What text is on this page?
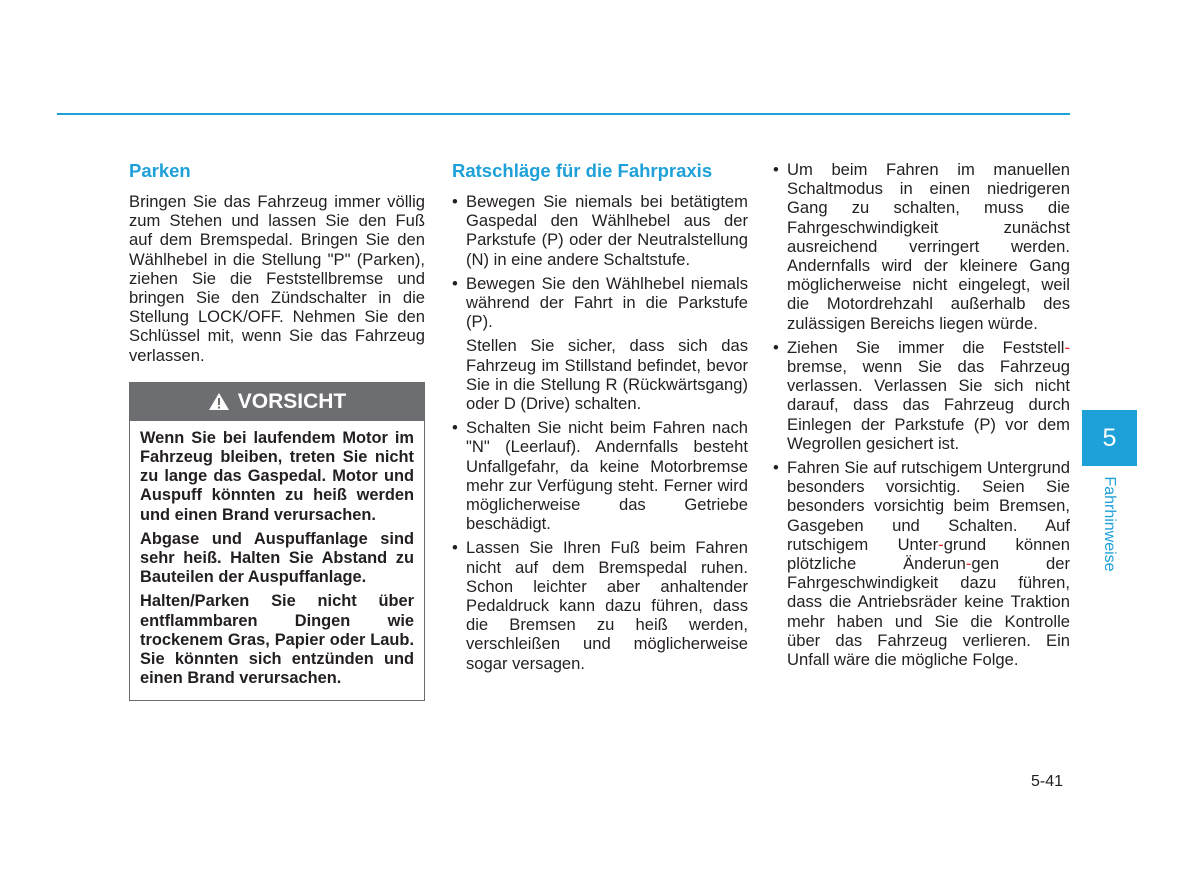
Parken

Bringen Sie das Fahrzeug immer völlig zum Stehen und lassen Sie den Fuß auf dem Bremspedal. Bringen Sie den Wählhebel in die Stellung "P" (Parken), ziehen Sie die Feststellbremse und bringen Sie den Zündschalter in die Stellung LOCK/OFF. Nehmen Sie den Schlüssel mit, wenn Sie das Fahrzeug verlassen.

VORSICHT

Wenn Sie bei laufendem Motor im Fahrzeug bleiben, treten Sie nicht zu lange das Gaspedal. Motor und Auspuff könnten zu heiß werden und einen Brand verursachen.

Abgase und Auspuffanlage sind sehr heiß. Halten Sie Abstand zu Bauteilen der Auspuffanlage.

Halten/Parken Sie nicht über entflammbaren Dingen wie trockenem Gras, Papier oder Laub. Sie könnten sich entzünden und einen Brand verursachen.

Ratschläge für die Fahrpraxis

• Bewegen Sie niemals bei betätigtem Gaspedal den Wählhebel aus der Parkstufe (P) oder der Neutralstellung (N) in eine andere Schaltstufe.

• Bewegen Sie den Wählhebel niemals während der Fahrt in die Parkstufe (P).

Stellen Sie sicher, dass sich das Fahrzeug im Stillstand befindet, bevor Sie in die Stellung R (Rückwärtsgang) oder D (Drive) schalten.

• Schalten Sie nicht beim Fahren nach "N" (Leerlauf). Andernfalls besteht Unfallgefahr, da keine Motorbremse mehr zur Verfügung steht. Ferner wird möglicherweise das Getriebe beschädigt.

• Lassen Sie Ihren Fuß beim Fahren nicht auf dem Bremspedal ruhen. Schon leichter aber anhaltender Pedaldruck kann dazu führen, dass die Bremsen zu heiß werden, verschleißen und möglicherweise sogar versagen.

• Um beim Fahren im manuellen Schaltmodus in einen niedrigeren Gang zu schalten, muss die Fahrgeschwindigkeit zunächst ausreichend verringert werden. Andernfalls wird der kleinere Gang möglicherweise nicht eingelegt, weil die Motordrehzahl außerhalb des zulässigen Bereichs liegen würde.

• Ziehen Sie immer die Feststell-bremse, wenn Sie das Fahrzeug verlassen. Verlassen Sie sich nicht darauf, dass das Fahrzeug durch Einlegen der Parkstufe (P) vor dem Wegrollen gesichert ist.

• Fahren Sie auf rutschigem Untergrund besonders vorsichtig. Seien Sie besonders vorsichtig beim Bremsen, Gasgeben und Schalten. Auf rutschigem Unter-grund können plötzliche Änderun-gen der Fahrgeschwindigkeit dazu führen, dass die Antriebsräder keine Traktion mehr haben und Sie die Kontrolle über das Fahrzeug verlieren. Ein Unfall wäre die mögliche Folge.

5
Fahrhinweise
5-41
